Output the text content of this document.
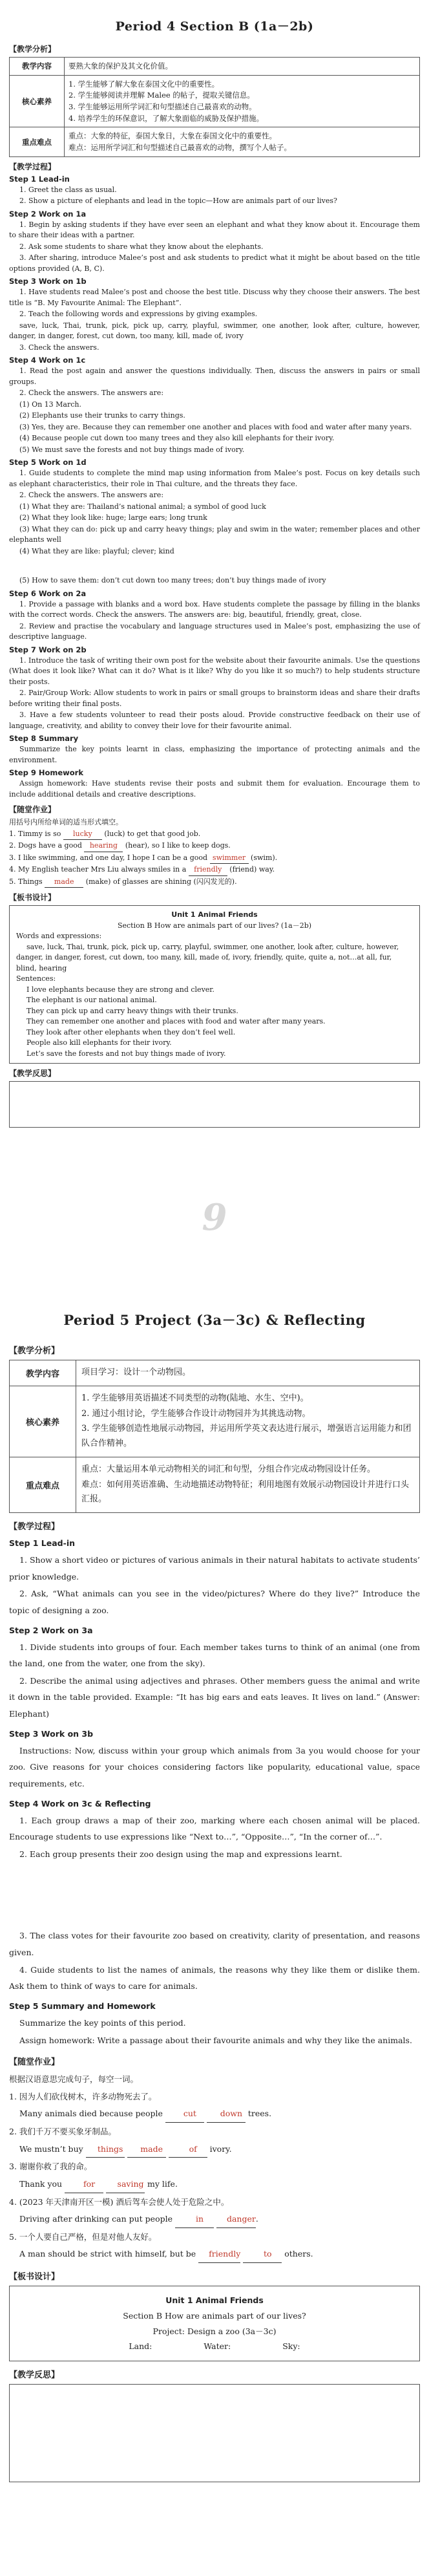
Period 4 Section B (1a－2b)
【教学分析】
教学内容	要熟大象的保护及其文化价值。

核心素养	1. 学生能够了解大象在泰国文化中的重要性。
2. 学生能够阅读并理解 Malee 的帖子，提取关键信息。
3. 学生能够运用所学词汇和句型描述自己最喜欢的动物。
4. 培养学生的环保意识，了解大象面临的威胁及保护措施。

重点难点	重点：大象的特征，泰国大象日，大象在泰国文化中的重要性。
难点：运用所学词汇和句型描述自己最喜欢的动物，撰写个人帖子。
【教学过程】
Step 1 Lead-in

1. Greet the class as usual.

2. Show a picture of elephants and lead in the topic—How are animals part of our lives?

Step 2 Work on 1a

1. Begin by asking students if they have ever seen an elephant and what they know about it. Encourage them to share their ideas with a partner.

2. Ask some students to share what they know about the elephants.

3. After sharing, introduce Malee’s post and ask students to predict what it might be about based on the title options provided (A, B, C).

Step 3 Work on 1b

1. Have students read Malee’s post and choose the best title. Discuss why they choose their answers. The best title is “B. My Favourite Animal: The Elephant”.

2. Teach the following words and expressions by giving examples.

save, luck, Thai, trunk, pick, pick up, carry, playful, swimmer, one another, look after, culture, however, danger, in danger, forest, cut down, too many, kill, made of, ivory

3. Check the answers.

Step 4 Work on 1c

1. Read the post again and answer the questions individually. Then, discuss the answers in pairs or small groups.

2. Check the answers. The answers are:

(1) On 13 March.

(2) Elephants use their trunks to carry things.

(3) Yes, they are. Because they can remember one another and places with food and water after many years.

(4) Because people cut down too many trees and they also kill elephants for their ivory.

(5) We must save the forests and not buy things made of ivory.

Step 5 Work on 1d

1. Guide students to complete the mind map using information from Malee’s post. Focus on key details such as elephant characteristics, their role in Thai culture, and the threats they face.

2. Check the answers. The answers are:

(1) What they are: Thailand’s national animal; a symbol of good luck

(2) What they look like: huge; large ears; long trunk

(3) What they can do: pick up and carry heavy things; play and swim in the water; remember places and other elephants well

(4) What they are like: playful; clever; kind

(5) How to save them: don’t cut down too many trees; don’t buy things made of ivory

Step 6 Work on 2a

1. Provide a passage with blanks and a word box. Have students complete the passage by filling in the blanks with the correct words. Check the answers. The answers are: big, beautiful, friendly, great, close.

2. Review and practise the vocabulary and language structures used in Malee’s post, emphasizing the use of descriptive language.

Step 7 Work on 2b

1. Introduce the task of writing their own post for the website about their favourite animals. Use the questions (What does it look like? What can it do? What is it like? Why do you like it so much?) to help students structure their posts.

2. Pair/Group Work: Allow students to work in pairs or small groups to brainstorm ideas and share their drafts before writing their final posts.

3. Have a few students volunteer to read their posts aloud. Provide constructive feedback on their use of language, creativity, and ability to convey their love for their favourite animal.

Step 8 Summary

Summarize the key points learnt in class, emphasizing the importance of protecting animals and the environment.

Step 9 Homework

Assign homework: Have students revise their posts and submit them for evaluation. Encourage them to include additional details and creative descriptions.

【随堂作业】

用括号内所给单词的适当形式填空。

1. Timmy is so lucky (luck) to get that good job.

2. Dogs have a good hearing (hear), so I like to keep dogs.

3. I like swimming, and one day, I hope I can be a good swimmer (swim).

4. My English teacher Mrs Liu always smiles in a friendly (friend) way.

5. Things made (make) of glasses are shining (闪闪发光的).

【板书设计】
Unit 1 Animal Friends
Section B How are animals part of our lives? (1a－2b)
Words and expressions:
save, luck, Thai, trunk, pick, pick up, carry, playful, swimmer, one another, look after, culture, however, danger, in danger, forest, cut down, too many, kill, made of, ivory, friendly, quite, quite a, not…at all, fur, blind, hearing
Sentences:
I love elephants because they are strong and clever.
The elephant is our national animal.
They can pick up and carry heavy things with their trunks.
They can remember one another and places with food and water after many years.
They look after other elephants when they don’t feel well.
People also kill elephants for their ivory.
Let’s save the forests and not buy things made of ivory.
【教学反思】
9
Period 5 Project (3a－3c) & Reflecting
【教学分析】
教学内容	项目学习：设计一个动物园。

核心素养	1. 学生能够用英语描述不同类型的动物(陆地、水生、空中)。
2. 通过小组讨论，学生能够合作设计动物园并为其挑选动物。
3. 学生能够创造性地展示动物园，并运用所学英文表达进行展示，增强语言运用能力和团队合作精神。

重点难点	重点：大量运用本单元动物相关的词汇和句型，分组合作完成动物园设计任务。
难点：如何用英语准确、生动地描述动物特征；利用地图有效展示动物园设计并进行口头汇报。
【教学过程】
Step 1 Lead-in

1. Show a short video or pictures of various animals in their natural habitats to activate students’ prior knowledge.

2. Ask, “What animals can you see in the video/pictures? Where do they live?” Introduce the topic of designing a zoo.

Step 2 Work on 3a

1. Divide students into groups of four. Each member takes turns to think of an animal (one from the land, one from the water, one from the sky).

2. Describe the animal using adjectives and phrases. Other members guess the animal and write it down in the table provided. Example: “It has big ears and eats leaves. It lives on land.” (Answer: Elephant)

Step 3 Work on 3b

Instructions: Now, discuss within your group which animals from 3a you would choose for your zoo. Give reasons for your choices considering factors like popularity, educational value, space requirements, etc.

Step 4 Work on 3c & Reflecting

1. Each group draws a map of their zoo, marking where each chosen animal will be placed. Encourage students to use expressions like “Next to…”, “Opposite…”, “In the corner of…”.

2. Each group presents their zoo design using the map and expressions learnt.

3. The class votes for their favourite zoo based on creativity, clarity of presentation, and reasons given.

4. Guide students to list the names of animals, the reasons why they like them or dislike them. Ask them to think of ways to care for animals.

Step 5 Summary and Homework

Summarize the key points of this period.

Assign homework: Write a passage about their favourite animals and why they like the animals.

【随堂作业】

根据汉语意思完成句子，每空一词。

1. 因为人们砍伐树木，许多动物死去了。

Many animals died because people	cut	down trees.

2. 我们千万不要买象牙制品。

We mustn’t buy things made	of ivory.

3. 谢谢你救了我的命。

Thank you	for	saving my life.

4. (2023 年天津南开区一模) 酒后驾车会使人处于危险之中。

Driving after drinking can put people	in	danger.

5. 一个人要自己严格，但是对他人友好。

A man should be strict with himself, but be friendly	to others.

【板书设计】
Unit 1 Animal Friends
Section B How are animals part of our lives?
Project: Design a zoo (3a－3c)
Land:	Water:	Sky:
【教学反思】
